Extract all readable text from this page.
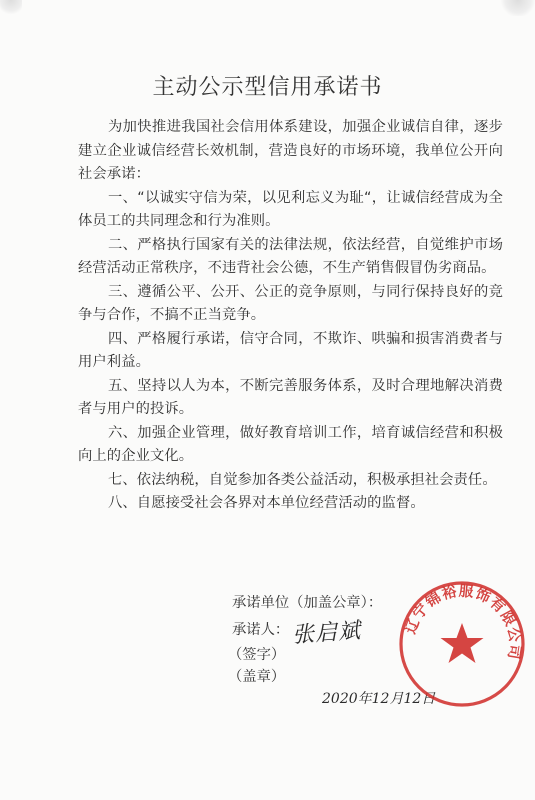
主动公示型信用承诺书

为加快推进我国社会信用体系建设，加强企业诚信自律，逐步建立企业诚信经营长效机制，营造良好的市场环境，我单位公开向社会承诺：

一、“以诚实守信为荣，以见利忘义为耻“，让诚信经营成为全体员工的共同理念和行为准则。

二、严格执行国家有关的法律法规，依法经营，自觉维护市场经营活动正常秩序，不违背社会公德，不生产销售假冒伪劣商品。

三、遵循公平、公开、公正的竞争原则，与同行保持良好的竞争与合作，不搞不正当竞争。

四、严格履行承诺，信守合同，不欺诈、哄骗和损害消费者与用户利益。

五、坚持以人为本，不断完善服务体系，及时合理地解决消费者与用户的投诉。

六、加强企业管理，做好教育培训工作，培育诚信经营和积极向上的企业文化。

七、依法纳税，自觉参加各类公益活动，积极承担社会责任。

八、自愿接受社会各界对本单位经营活动的监督。

承诺单位（加盖公章）：
承诺人：
（签字）
（盖章）
张启斌
2020年12月12日
辽宁锦裕服饰有限公司
